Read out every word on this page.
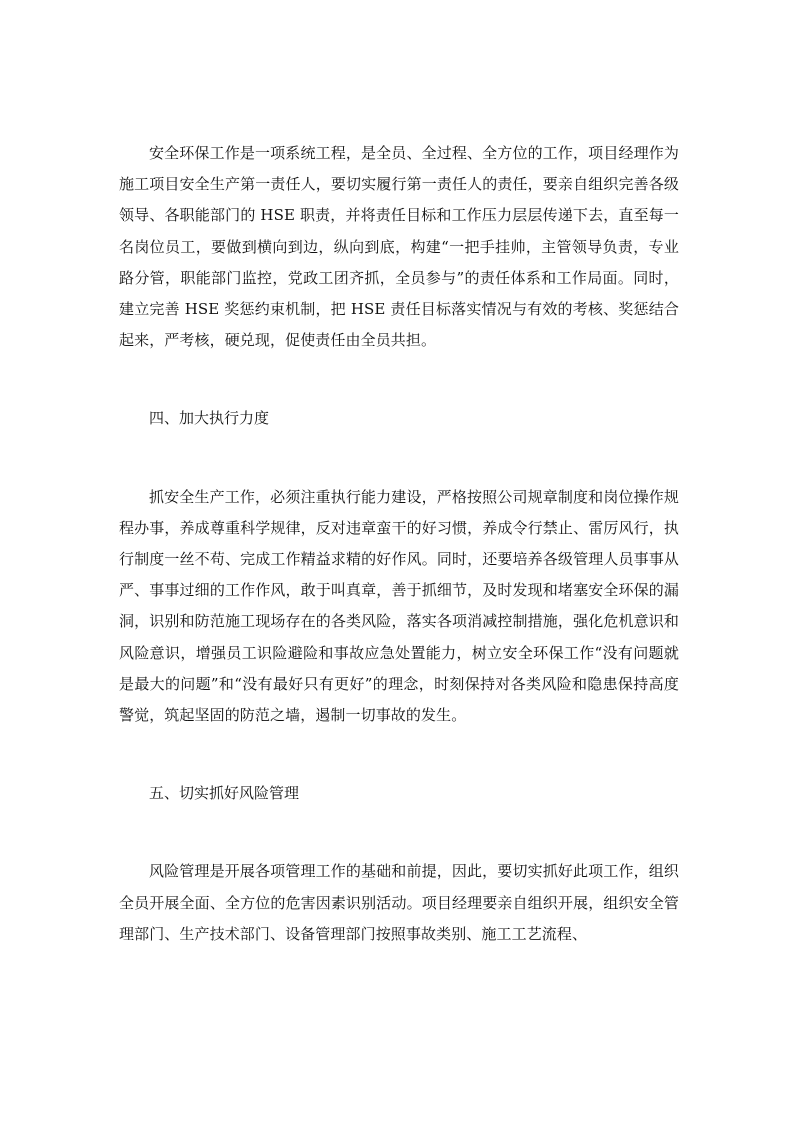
安全环保工作是一项系统工程，是全员、全过程、全方位的工作，项目经理作为施工项目安全生产第一责任人，要切实履行第一责任人的责任，要亲自组织完善各级领导、各职能部门的 HSE 职责，并将责任目标和工作压力层层传递下去，直至每一名岗位员工，要做到横向到边，纵向到底，构建“一把手挂帅，主管领导负责，专业路分管，职能部门监控，党政工团齐抓，全员参与”的责任体系和工作局面。同时，建立完善 HSE 奖惩约束机制，把 HSE 责任目标落实情况与有效的考核、奖惩结合起来，严考核，硬兑现，促使责任由全员共担。

四、加大执行力度

抓安全生产工作，必须注重执行能力建设，严格按照公司规章制度和岗位操作规程办事，养成尊重科学规律，反对违章蛮干的好习惯，养成令行禁止、雷厉风行，执行制度一丝不苟、完成工作精益求精的好作风。同时，还要培养各级管理人员事事从严、事事过细的工作作风，敢于叫真章，善于抓细节，及时发现和堵塞安全环保的漏洞，识别和防范施工现场存在的各类风险，落实各项消减控制措施，强化危机意识和风险意识，增强员工识险避险和事故应急处置能力，树立安全环保工作“没有问题就是最大的问题”和“没有最好只有更好”的理念，时刻保持对各类风险和隐患保持高度警觉，筑起坚固的防范之墙，遏制一切事故的发生。

五、切实抓好风险管理

风险管理是开展各项管理工作的基础和前提，因此，要切实抓好此项工作，组织全员开展全面、全方位的危害因素识别活动。项目经理要亲自组织开展，组织安全管理部门、生产技术部门、设备管理部门按照事故类别、施工工艺流程、
